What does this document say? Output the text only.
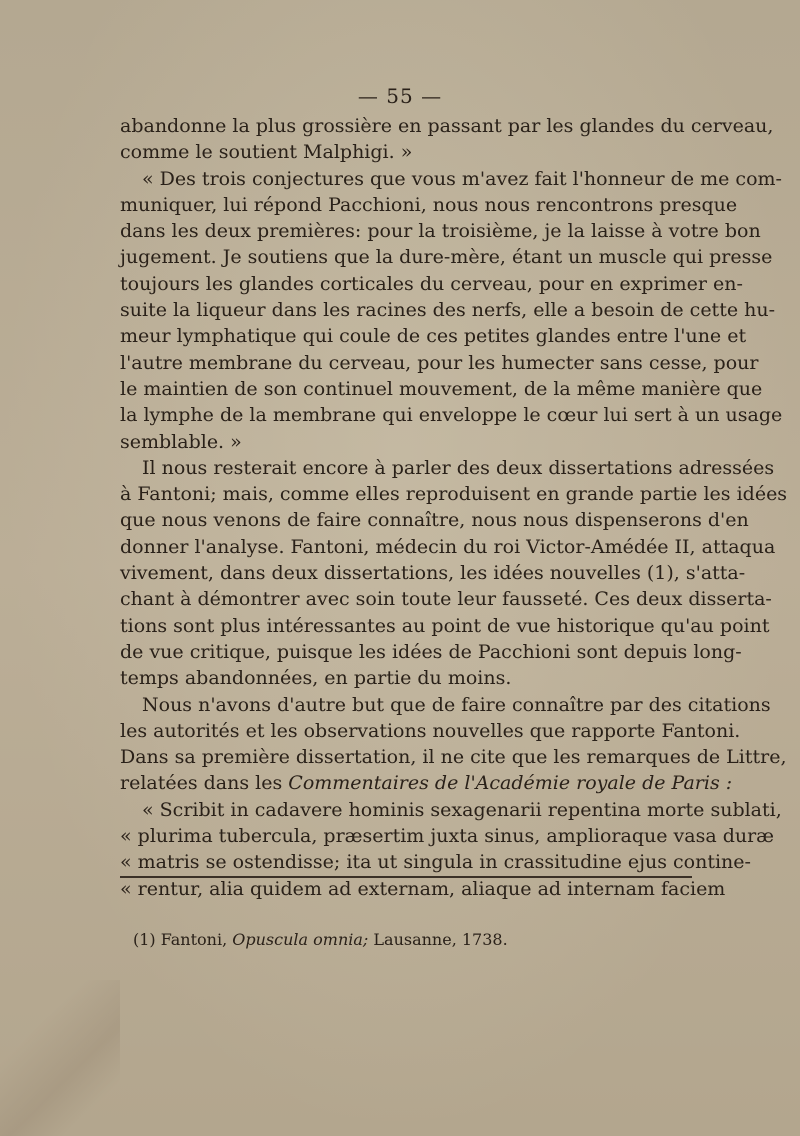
— 55 —
abandonne la plus grossière en passant par les glandes du cerveau,
comme le soutient Malphigi. »
« Des trois conjectures que vous m'avez fait l'honneur de me com-
muniquer, lui répond Pacchioni, nous nous rencontrons presque
dans les deux premières: pour la troisième, je la laisse à votre bon
jugement. Je soutiens que la dure-mère, étant un muscle qui presse
toujours les glandes corticales du cerveau, pour en exprimer en-
suite la liqueur dans les racines des nerfs, elle a besoin de cette hu-
meur lymphatique qui coule de ces petites glandes entre l'une et
l'autre membrane du cerveau, pour les humecter sans cesse, pour
le maintien de son continuel mouvement, de la même manière que
la lymphe de la membrane qui enveloppe le cœur lui sert à un usage
semblable. »
Il nous resterait encore à parler des deux dissertations adressées
à Fantoni; mais, comme elles reproduisent en grande partie les idées
que nous venons de faire connaître, nous nous dispenserons d'en
donner l'analyse. Fantoni, médecin du roi Victor-Amédée II, attaqua
vivement, dans deux dissertations, les idées nouvelles (1), s'atta-
chant à démontrer avec soin toute leur fausseté. Ces deux disserta-
tions sont plus intéressantes au point de vue historique qu'au point
de vue critique, puisque les idées de Pacchioni sont depuis long-
temps abandonnées, en partie du moins.
Nous n'avons d'autre but que de faire connaître par des citations
les autorités et les observations nouvelles que rapporte Fantoni.
Dans sa première dissertation, il ne cite que les remarques de Littre,
relatées dans les Commentaires de l'Académie royale de Paris :
« Scribit in cadavere hominis sexagenarii repentina morte sublati,
« plurima tubercula, præsertim juxta sinus, amplioraque vasa duræ
« matris se ostendisse; ita ut singula in crassitudine ejus contine-
« rentur, alia quidem ad externam, aliaque ad internam faciem
(1) Fantoni, Opuscula omnia; Lausanne, 1738.
